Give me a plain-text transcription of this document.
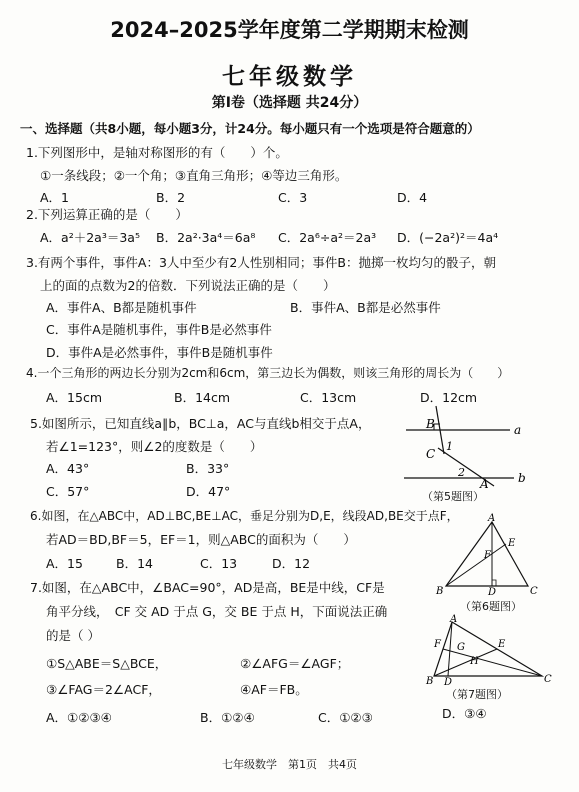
2024–2025学年度第二学期期末检测
七年级数学
第Ⅰ卷（选择题 共24分）
一、选择题（共8小题，每小题3分，计24分。每小题只有一个选项是符合题意的）
1.下列图形中，是轴对称图形的有（　　）个。
①一条线段；②一个角；③直角三角形；④等边三角形。
A．1	B．2	C．3	D．4
2.下列运算正确的是（　　）
A．a²＋2a³＝3a⁵ B．2a²·3a⁴＝6a⁸ C．2a⁶÷a²＝2a³ D．(−2a²)²＝4a⁴
3.有两个事件，事件A：3人中至少有2人性别相同；事件B：抛掷一枚均匀的骰子，朝
上的面的点数为2的倍数．下列说法正确的是（　　）
A．事件A、B都是随机事件	B．事件A、B都是必然事件
C．事件A是随机事件，事件B是必然事件
D．事件A是必然事件，事件B是随机事件
4.一个三角形的两边长分别为2cm和6cm，第三边长为偶数，则该三角形的周长为（　　）
A．15cm	B．14cm	C．13cm	D．12cm
5.如图所示，已知直线a∥b，BC⊥a，AC与直线b相交于点A，
若∠1=123°，则∠2的度数是（　　）
A．43°	B．33°
C．57°	D．47°
B	a
C
1
2
A b
（第5题图）
6.如图，在△ABC中，AD⊥BC,BE⊥AC，垂足分别为D,E，线段AD,BE交于点F，
若AD＝BD,BF＝5，EF＝1，则△ABC的面积为（　　）
A．15	B．14	C．13	D．12
A
B	C
D
E
F
（第6题图）
7.如图，在△ABC中，∠BAC=90°，AD是高，BE是中线，CF是
角平分线，　CF 交 AD 于点 G，交 BE 于点 H，下面说法正确
的是（ ）
①S△ABE＝S△BCE，	②∠AFG＝∠AGF；
③∠FAG＝2∠ACF，	④AF＝FB。
A．①②③④	B．①②④	C．①②③	D．③④
A
B	C
D
E
F G
H
（第7题图）
七年级数学　第1页　共4页
